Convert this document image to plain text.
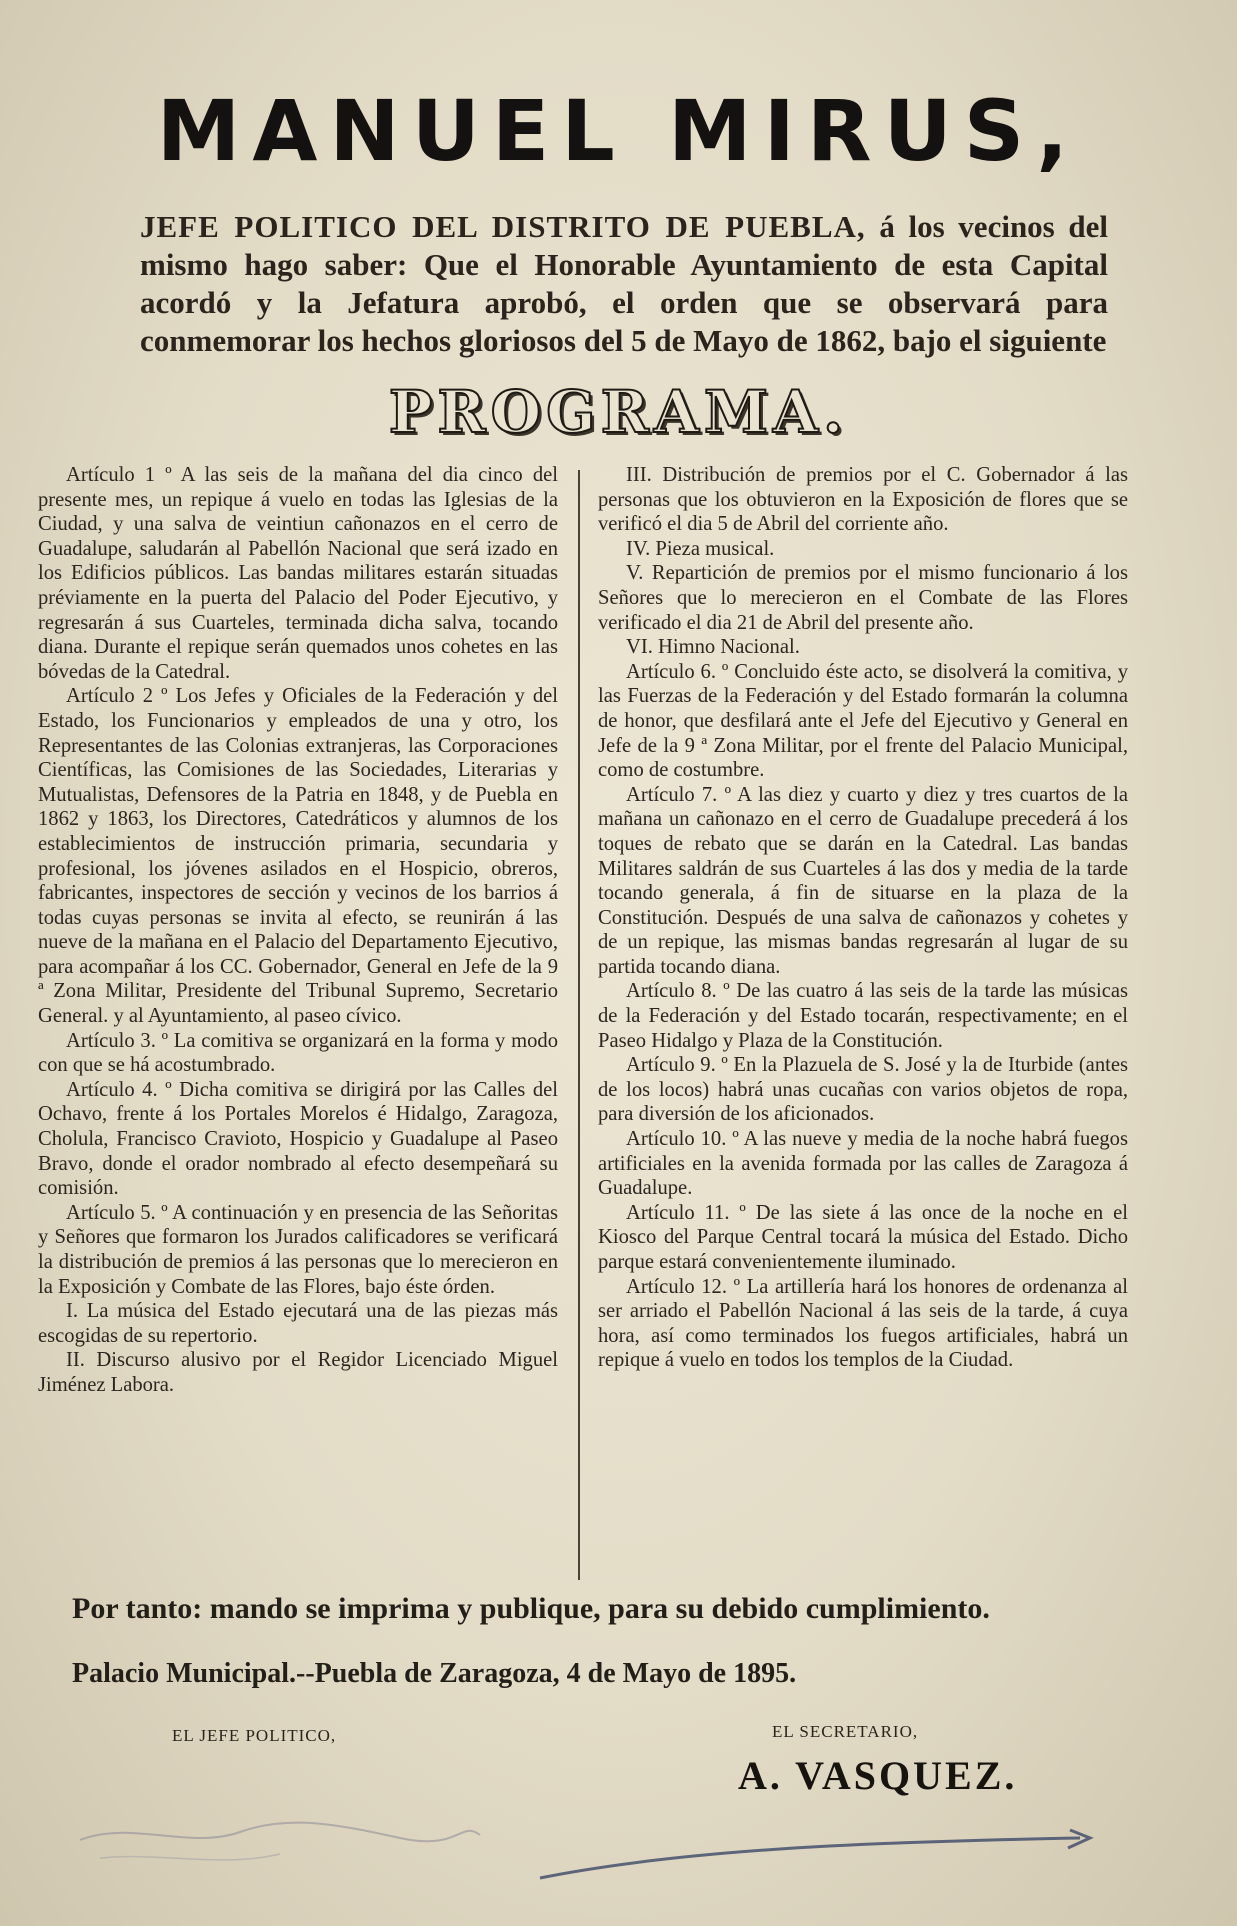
MANUEL MIRUS,

JEFE POLITICO DEL DISTRITO DE PUEBLA, á los vecinos del mismo hago saber: Que el Honorable Ayuntamiento de esta Capital acordó y la Jefatura aprobó, el orden que se observará para conmemorar los hechos gloriosos del 5 de Mayo de 1862, bajo el siguiente

PROGRAMA.

Artículo 1 º A las seis de la mañana del dia cinco del presente mes, un repique á vuelo en todas las Iglesias de la Ciudad, y una salva de veintiun cañonazos en el cerro de Guadalupe, saludarán al Pabellón Nacional que será izado en los Edificios públicos. Las bandas militares estarán situadas préviamente en la puerta del Palacio del Poder Ejecutivo, y regresarán á sus Cuarteles, terminada dicha salva, tocando diana. Durante el repique serán quemados unos cohetes en las bóvedas de la Catedral.

Artículo 2 º Los Jefes y Oficiales de la Federación y del Estado, los Funcionarios y empleados de una y otro, los Representantes de las Colonias extranjeras, las Corporaciones Científicas, las Comisiones de las Sociedades, Literarias y Mutualistas, Defensores de la Patria en 1848, y de Puebla en 1862 y 1863, los Directores, Catedráticos y alumnos de los establecimientos de instrucción primaria, secundaria y profesional, los jóvenes asilados en el Hospicio, obreros, fabricantes, inspectores de sección y vecinos de los barrios á todas cuyas personas se invita al efecto, se reunirán á las nueve de la mañana en el Palacio del Departamento Ejecutivo, para acompañar á los CC. Gobernador, General en Jefe de la 9 ª Zona Militar, Presidente del Tribunal Supremo, Secretario General. y al Ayuntamiento, al paseo cívico.

Artículo 3. º La comitiva se organizará en la forma y modo con que se há acostumbrado.

Artículo 4. º Dicha comitiva se dirigirá por las Calles del Ochavo, frente á los Portales Morelos é Hidalgo, Zaragoza, Cholula, Francisco Cravioto, Hospicio y Guadalupe al Paseo Bravo, donde el orador nombrado al efecto desempeñará su comisión.

Artículo 5. º A continuación y en presencia de las Señoritas y Señores que formaron los Jurados calificadores se verificará la distribución de premios á las personas que lo merecieron en la Exposición y Combate de las Flores, bajo éste órden.

I. La música del Estado ejecutará una de las piezas más escogidas de su repertorio.

II. Discurso alusivo por el Regidor Licenciado Miguel Jiménez Labora.

III. Distribución de premios por el C. Gobernador á las personas que los obtuvieron en la Exposición de flores que se verificó el dia 5 de Abril del corriente año.

IV. Pieza musical.

V. Repartición de premios por el mismo funcionario á los Señores que lo merecieron en el Combate de las Flores verificado el dia 21 de Abril del presente año.

VI. Himno Nacional.

Artículo 6. º Concluido éste acto, se disolverá la comitiva, y las Fuerzas de la Federación y del Estado formarán la columna de honor, que desfilará ante el Jefe del Ejecutivo y General en Jefe de la 9 ª Zona Militar, por el frente del Palacio Municipal, como de costumbre.

Artículo 7. º A las diez y cuarto y diez y tres cuartos de la mañana un cañonazo en el cerro de Guadalupe precederá á los toques de rebato que se darán en la Catedral. Las bandas Militares saldrán de sus Cuarteles á las dos y media de la tarde tocando generala, á fin de situarse en la plaza de la Constitución. Después de una salva de cañonazos y cohetes y de un repique, las mismas bandas regresarán al lugar de su partida tocando diana.

Artículo 8. º De las cuatro á las seis de la tarde las músicas de la Federación y del Estado tocarán, respectivamente; en el Paseo Hidalgo y Plaza de la Constitución.

Artículo 9. º En la Plazuela de S. José y la de Iturbide (antes de los locos) habrá unas cucañas con varios objetos de ropa, para diversión de los aficionados.

Artículo 10. º A las nueve y media de la noche habrá fuegos artificiales en la avenida formada por las calles de Zaragoza á Guadalupe.

Artículo 11. º De las siete á las once de la noche en el Kiosco del Parque Central tocará la música del Estado. Dicho parque estará convenientemente iluminado.

Artículo 12. º La artillería hará los honores de ordenanza al ser arriado el Pabellón Nacional á las seis de la tarde, á cuya hora, así como terminados los fuegos artificiales, habrá un repique á vuelo en todos los templos de la Ciudad.

Por tanto: mando se imprima y publique, para su debido cumplimiento.

Palacio Municipal.--Puebla de Zaragoza, 4 de Mayo de 1895.

EL JEFE POLITICO,	EL SECRETARIO,

A. VASQUEZ.
